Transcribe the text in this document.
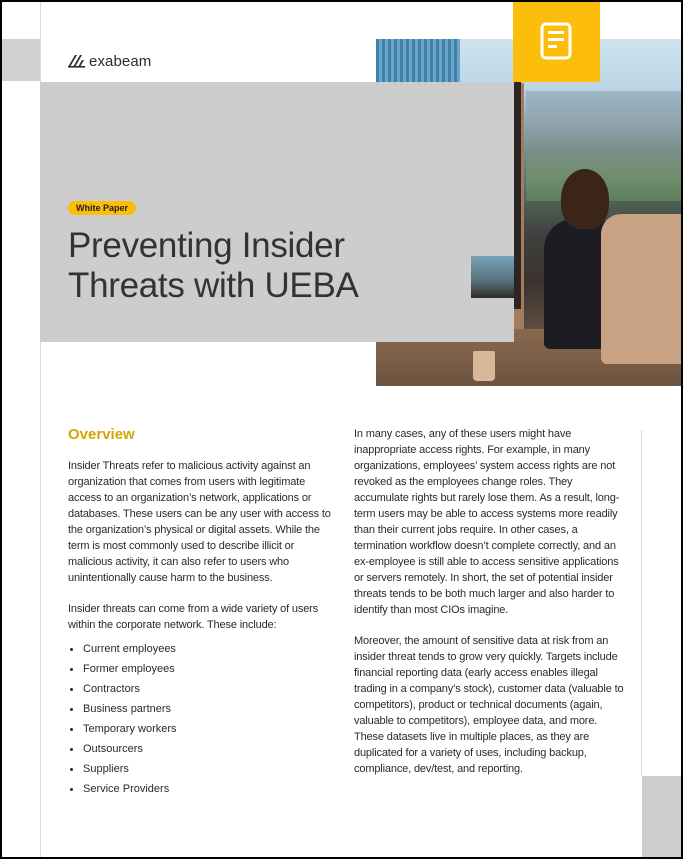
exabeam
White Paper
Preventing Insider
Threats with UEBA
Overview

Insider Threats refer to malicious activity against an organization that comes from users with legitimate access to an organization’s network, applications or databases. These users can be any user with access to the organization’s physical or digital assets. While the term is most commonly used to describe illicit or malicious activity, it can also refer to users who unintentionally cause harm to the business.

Insider threats can come from a wide variety of users within the corporate network. These include:

Current employees
Former employees
Contractors
Business partners
Temporary workers
Outsourcers
Suppliers
Service Providers

In many cases, any of these users might have inappropriate access rights. For example, in many organizations, employees’ system access rights are not revoked as the employees change roles. They accumulate rights but rarely lose them. As a result, long-term users may be able to access systems more readily than their current jobs require. In other cases, a termination workflow doesn’t complete correctly, and an ex-employee is still able to access sensitive applications or servers remotely. In short, the set of potential insider threats tends to be both much larger and also harder to identify than most CIOs imagine.

Moreover, the amount of sensitive data at risk from an insider threat tends to grow very quickly. Targets include financial reporting data (early access enables illegal trading in a company’s stock), customer data (valuable to competitors), product or technical documents (again, valuable to competitors), employee data, and more. These datasets live in multiple places, as they are duplicated for a variety of uses, including backup, compliance, dev/test, and reporting.
